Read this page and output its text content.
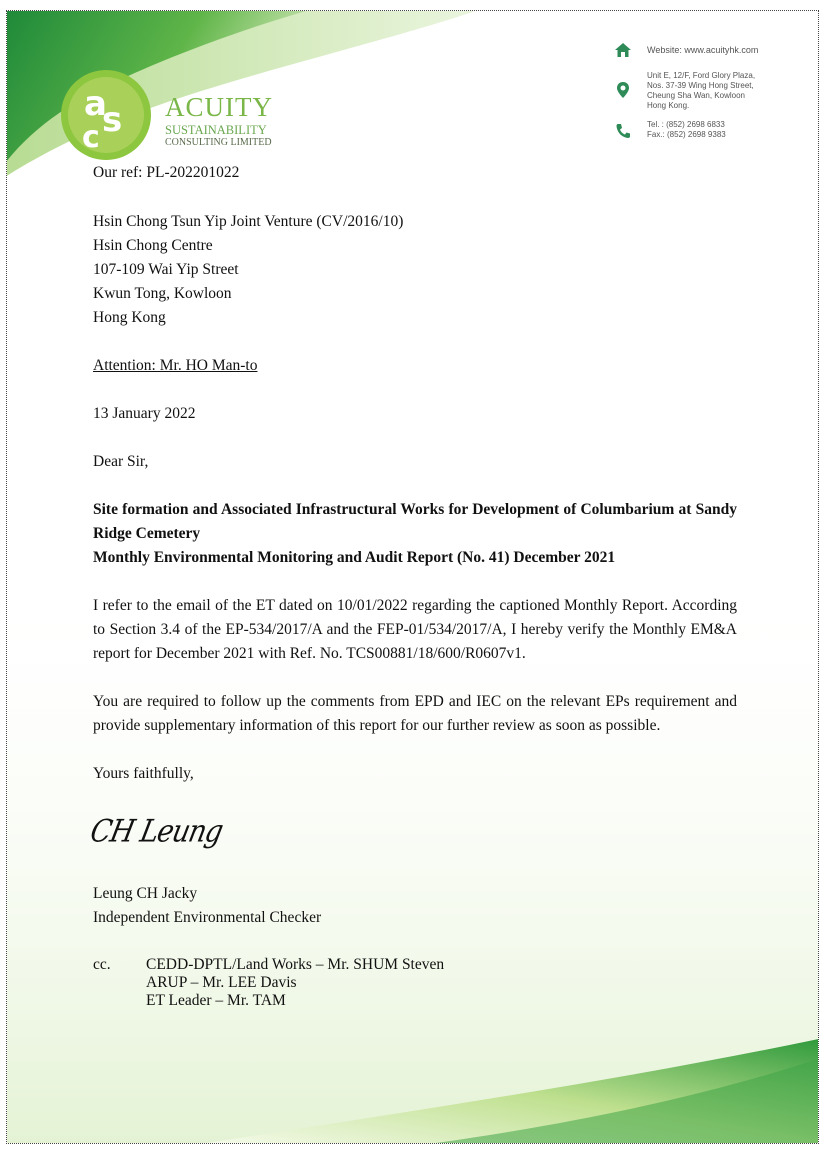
a
s
c
ACUITY
SUSTAINABILITY
CONSULTING LIMITED
Website: www.acuityhk.com
Unit E, 12/F, Ford Glory Plaza,
Nos. 37-39 Wing Hong Street,
Cheung Sha Wan, Kowloon
Hong Kong.
Tel. : (852) 2698 6833
Fax.: (852) 2698 9383
Our ref: PL-202201022
Hsin Chong Tsun Yip Joint Venture (CV/2016/10)
Hsin Chong Centre
107-109 Wai Yip Street
Kwun Tong, Kowloon
Hong Kong
Attention: Mr. HO Man-to
13 January 2022
Dear Sir,
Site formation and Associated Infrastructural Works for Development of Columbarium at Sandy Ridge Cemetery
Monthly Environmental Monitoring and Audit Report (No. 41) December 2021
I refer to the email of the ET dated on 10/01/2022 regarding the captioned Monthly Report. According to Section 3.4 of the EP-534/2017/A and the FEP-01/534/2017/A, I hereby verify the Monthly EM&A report for December 2021 with Ref. No. TCS00881/18/600/R0607v1.
You are required to follow up the comments from EPD and IEC on the relevant EPs requirement and provide supplementary information of this report for our further review as soon as possible.
Yours faithfully,
CH Leung
Leung CH Jacky
Independent Environmental Checker
cc. CEDD-DPTL/Land Works – Mr. SHUM Steven
ARUP – Mr. LEE Davis
ET Leader – Mr. TAM
